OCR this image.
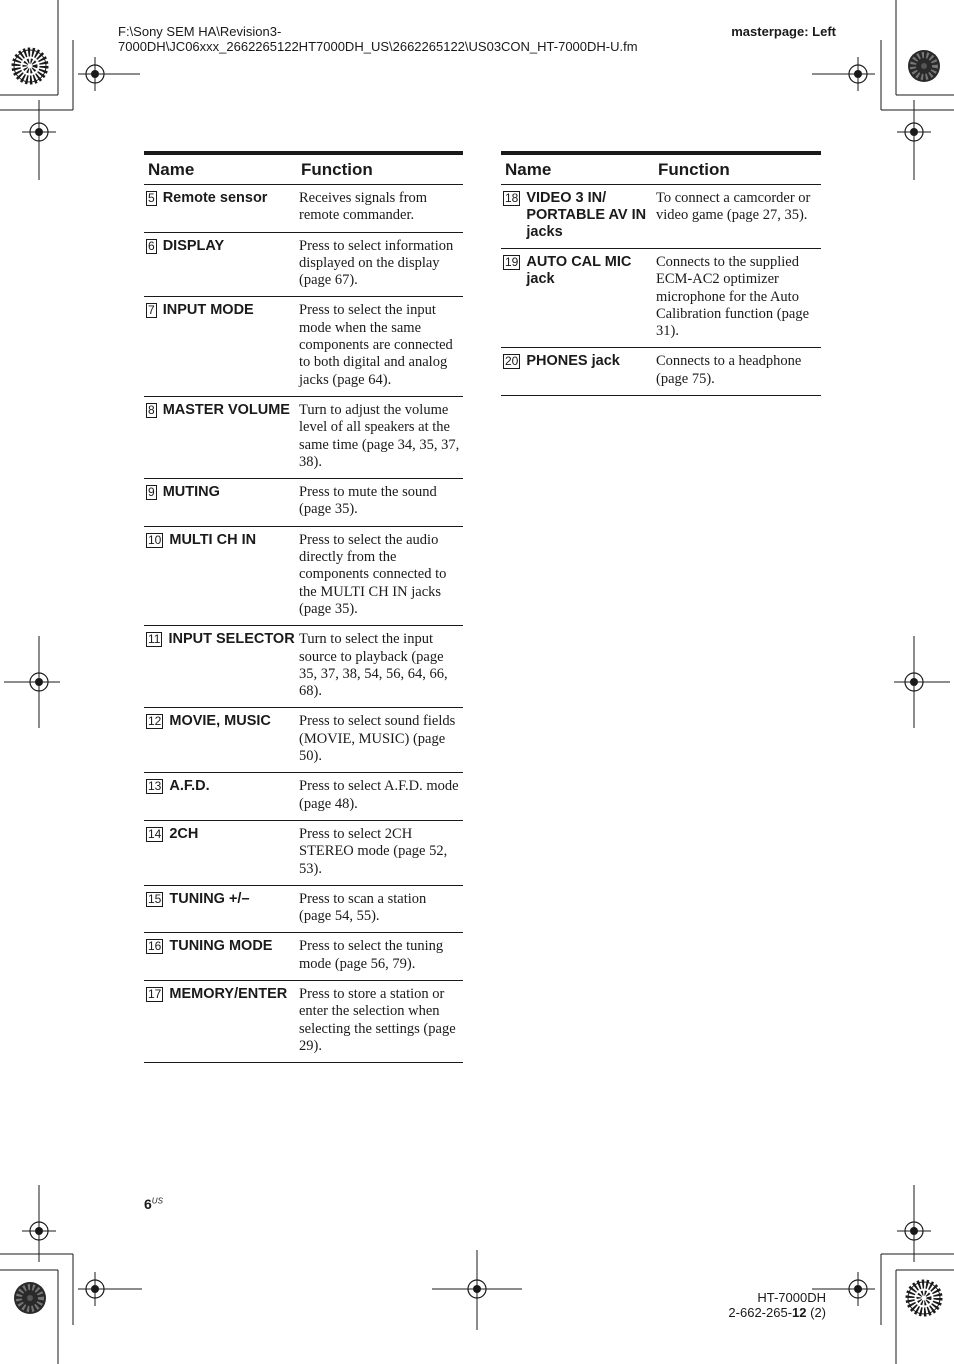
F:\Sony SEM HA\Revision3-
7000DH\JC06xxx_2662265122HT7000DH_US\2662265122\US03CON_HT-7000DH-U.fm
masterpage: Left
Name	Function

5 Remote sensor	Receives signals from remote commander.

6 DISPLAY	Press to select information displayed on the display (page 67).

7 INPUT MODE	Press to select the input mode when the same components are connected to both digital and analog jacks (page 64).

8 MASTER VOLUME	Turn to adjust the volume level of all speakers at the same time (page 34, 35, 37, 38).

9 MUTING	Press to mute the sound (page 35).

10 MULTI CH IN	Press to select the audio directly from the components connected to the MULTI CH IN jacks (page 35).

11 INPUT SELECTOR	Turn to select the input source to playback (page 35, 37, 38, 54, 56, 64, 66, 68).

12 MOVIE, MUSIC	Press to select sound fields (MOVIE, MUSIC) (page 50).

13 A.F.D.	Press to select A.F.D. mode (page 48).

14 2CH	Press to select 2CH STEREO mode (page 52, 53).

15 TUNING +/–	Press to scan a station (page 54, 55).

16 TUNING MODE	Press to select the tuning mode (page 56, 79).

17 MEMORY/ENTER	Press to store a station or enter the selection when selecting the settings (page 29).
Name	Function

18 VIDEO 3 IN/ PORTABLE AV IN jacks	To connect a camcorder or video game (page 27, 35).

19 AUTO CAL MIC jack	Connects to the supplied ECM-AC2 optimizer microphone for the Auto Calibration function (page 31).

20 PHONES jack	Connects to a headphone (page 75).
$6^{US}$
HT-7000DH
2-662-265-12 (2)
